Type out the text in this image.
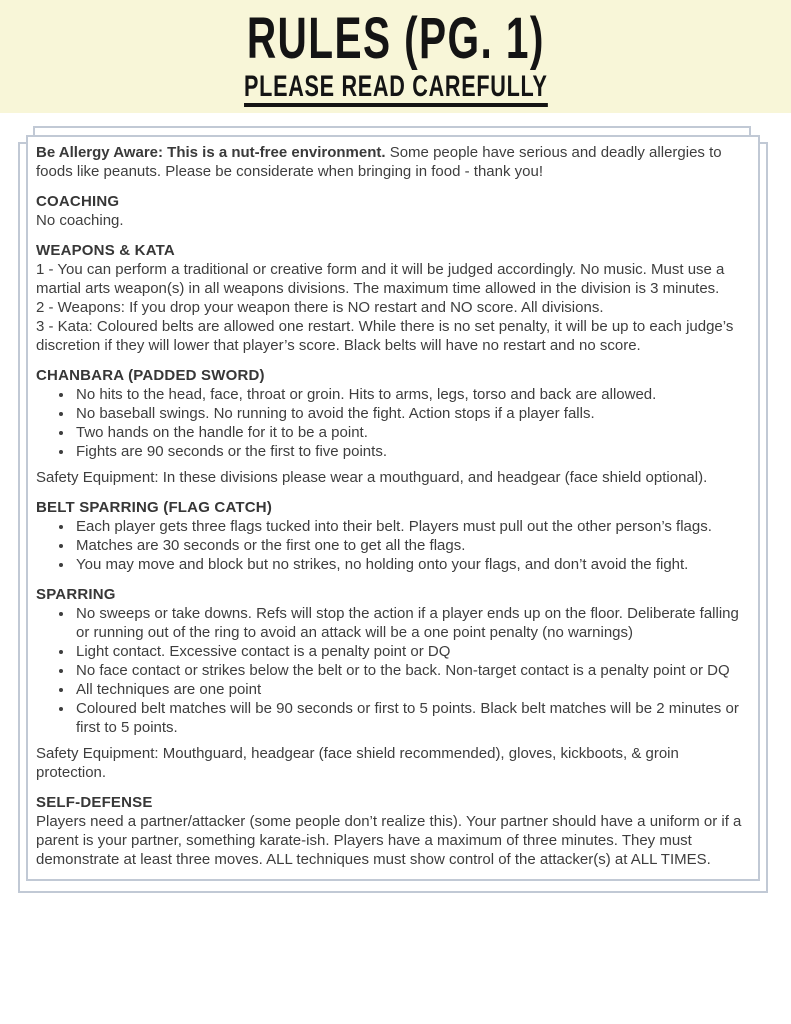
RULES (PG. 1)
PLEASE READ CAREFULLY

Be Allergy Aware: This is a nut-free environment. Some people have serious and deadly allergies to foods like peanuts. Please be considerate when bringing in food - thank you!

COACHING

No coaching.

WEAPONS & KATA

1 - You can perform a traditional or creative form and it will be judged accordingly. No music. Must use a martial arts weapon(s) in all weapons divisions. The maximum time allowed in the division is 3 minutes.

2 - Weapons: If you drop your weapon there is NO restart and NO score. All divisions.

3 - Kata: Coloured belts are allowed one restart. While there is no set penalty, it will be up to each judge’s discretion if they will lower that player’s score. Black belts will have no restart and no score.

CHANBARA (PADDED SWORD)
• No hits to the head, face, throat or groin. Hits to arms, legs, torso and back are allowed.
• No baseball swings. No running to avoid the fight. Action stops if a player falls.
• Two hands on the handle for it to be a point.
• Fights are 90 seconds or the first to five points.

Safety Equipment: In these divisions please wear a mouthguard, and headgear (face shield optional).

BELT SPARRING (FLAG CATCH)
• Each player gets three flags tucked into their belt. Players must pull out the other person’s flags.
• Matches are 30 seconds or the first one to get all the flags.
• You may move and block but no strikes, no holding onto your flags, and don’t avoid the fight.
SPARRING
• No sweeps or take downs. Refs will stop the action if a player ends up on the floor. Deliberate falling or running out of the ring to avoid an attack will be a one point penalty (no warnings)
• Light contact. Excessive contact is a penalty point or DQ
• No face contact or strikes below the belt or to the back. Non-target contact is a penalty point or DQ
• All techniques are one point
• Coloured belt matches will be 90 seconds or first to 5 points. Black belt matches will be 2 minutes or first to 5 points.

Safety Equipment: Mouthguard, headgear (face shield recommended), gloves, kickboots, & groin protection.

SELF-DEFENSE

Players need a partner/attacker (some people don’t realize this). Your partner should have a uniform or if a parent is your partner, something karate-ish. Players have a maximum of three minutes. They must demonstrate at least three moves. ALL techniques must show control of the attacker(s) at ALL TIMES.
